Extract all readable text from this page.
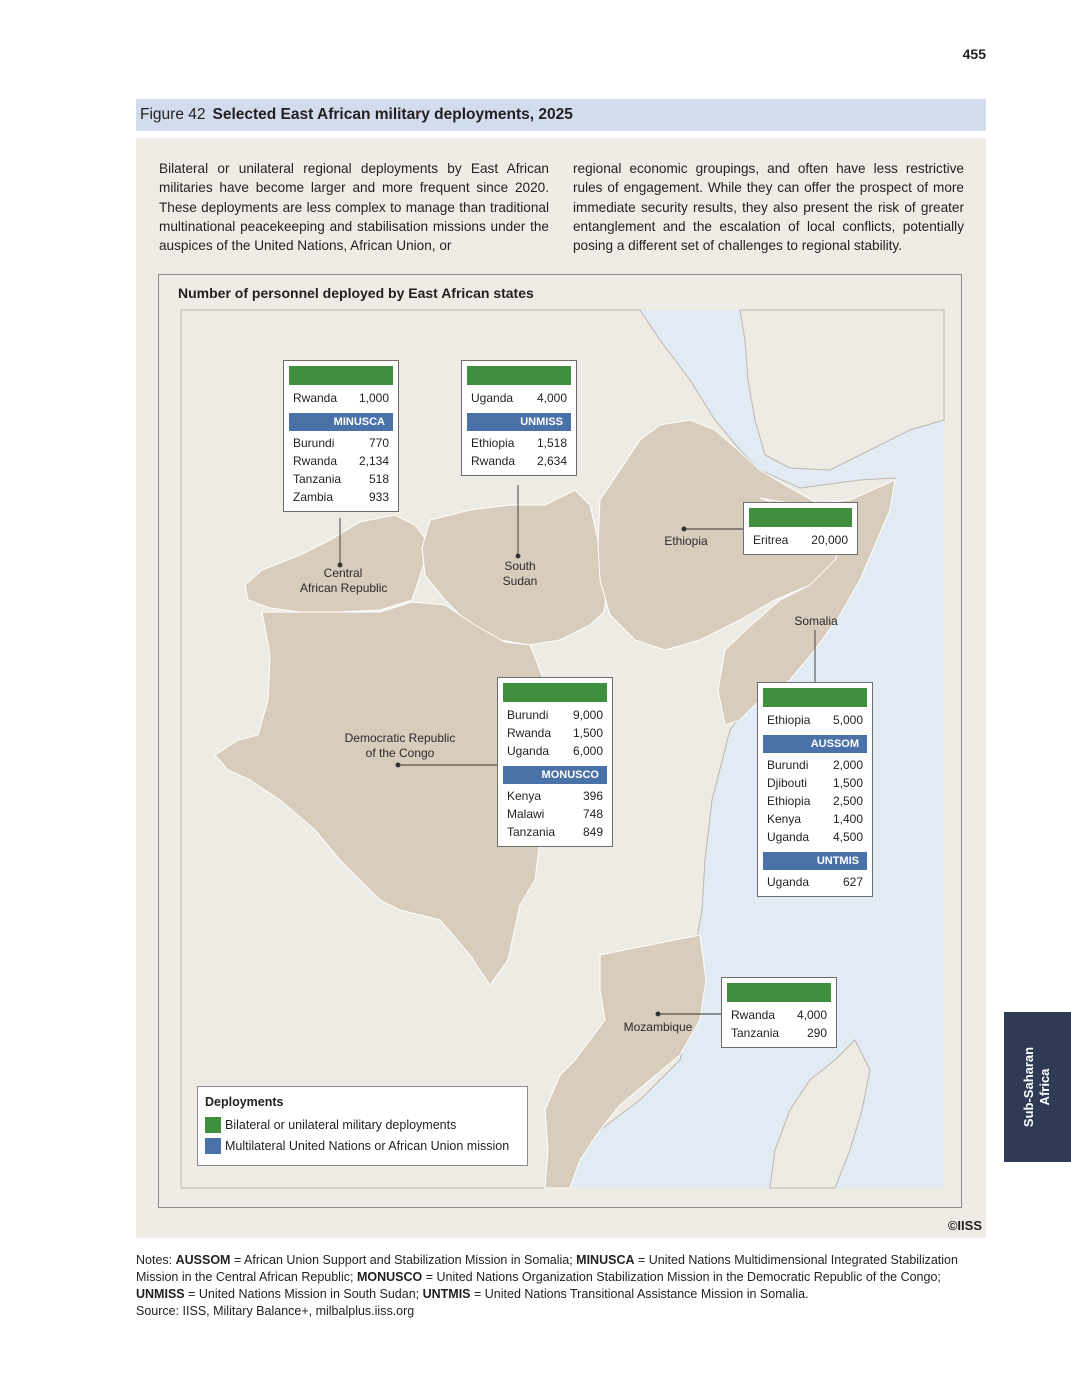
455
Figure 42 Selected East African military deployments, 2025
Bilateral or unilateral regional deployments by East African militaries have become larger and more frequent since 2020. These deployments are less complex to manage than traditional multinational peacekeeping and stabilisation missions under the auspices of the United Nations, African Union, or
regional economic groupings, and often have less restrictive rules of engagement. While they can offer the prospect of more immediate security results, they also present the risk of greater entanglement and the escalation of local conflicts, potentially posing a different set of challenges to regional stability.
Number of personnel deployed by East African states
Central
African Republic
South
Sudan
Ethiopia
Somalia
Democratic Republic
of the Congo
Mozambique
Rwanda 1,000
MINUSCA
Burundi	770
Rwanda 2,134
Tanzania 518
Zambia	933
Uganda 4,000
UNMISS
Ethiopia 1,518
Rwanda 2,634
Eritrea 20,000
Burundi 9,000
Rwanda 1,500
Uganda 6,000
MONUSCO
Kenya	396
Malawi	748
Tanzania 849
Ethiopia 5,000
AUSSOM
Burundi 2,000
Djibouti 1,500
Ethiopia 2,500
Kenya	1,400
Uganda 4,500
UNTMIS
Uganda	627
Rwanda 4,000
Tanzania 290
Deployments
Bilateral or unilateral military deployments
Multilateral United Nations or African Union mission
©IISS
Notes: AUSSOM = African Union Support and Stabilization Mission in Somalia; MINUSCA = United Nations Multidimensional Integrated Stabilization Mission in the Central African Republic; MONUSCO = United Nations Organization Stabilization Mission in the Democratic Republic of the Congo; UNMISS = United Nations Mission in South Sudan; UNTMIS = United Nations Transitional Assistance Mission in Somalia.
Source: IISS, Military Balance+, milbalplus.iiss.org
Sub-Saharan Africa
